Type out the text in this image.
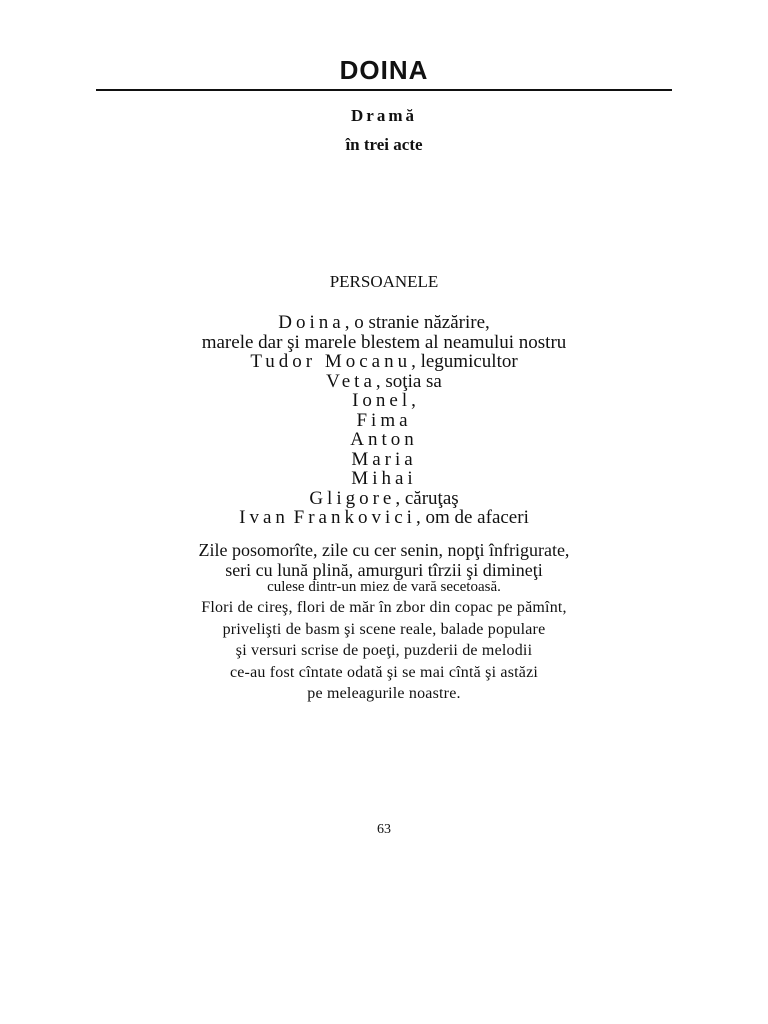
DOINA
Dramă
în trei acte
PERSOANELE
Doina, o stranie năzărire,
marele dar şi marele blestem al neamului nostru
Tudor Mocanu, legumicultor
Veta, soţia sa
Ionel,
Fima
Anton
Maria
Mihai
Gligore, căruţaş
Ivan Frankovici, om de afaceri
Zile posomorîte, zile cu cer senin, nopţi înfrigurate,
seri cu lună plină, amurguri tîrzii şi dimineţi
culese dintr-un miez de vară secetoasă.
Flori de cireş, flori de măr în zbor din copac pe pămînt,
privelişti de basm şi scene reale, balade populare
şi versuri scrise de poeţi, puzderii de melodii
ce-au fost cîntate odată şi se mai cîntă şi astăzi
pe meleagurile noastre.
63
